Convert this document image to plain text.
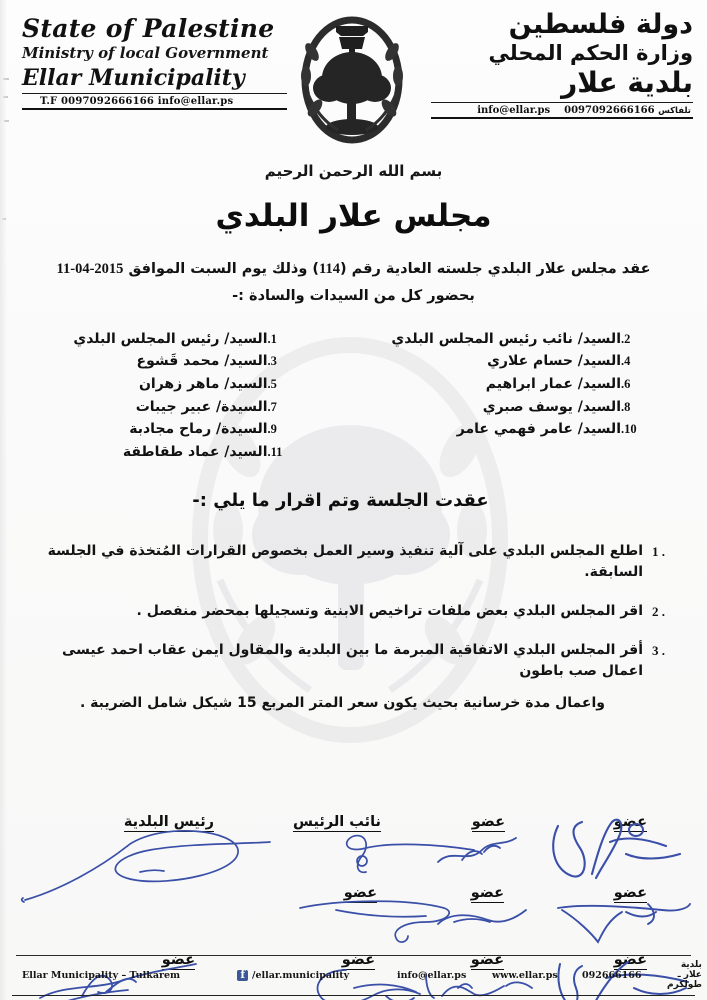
State of Palestine
Ministry of local Government
Ellar Municipality
T.F 0097092666166 info@ellar.ps
بلدية علار
دولة فلسطين
وزارة الحكم المحلي
بلدية علار
info@ellar.ps 0097092666166 تلفاكس
بسم الله الرحمن الرحيم
مجلس علار البلدي
عقد مجلس علار البلدي جلسته العادية رقم (114) وذلك يوم السبت الموافق 2015-04-11
بحضور كل من السيدات والسادة :-
.2
السيد/ نائب رئيس المجلس البلدي
.4
السيد/ حسام علاري
.6
السيد/ عمار ابراهيم
.8
السيد/ يوسف صبري
.10
السيد/ عامر فهمي عامر
.1
السيد/ رئيس المجلس البلدي
.3
السيد/ محمد قَشوع
.5
السيد/ ماهر زهران
.7
السيدة/ عبير جيبات
.9
السيدة/ رماح مجادبة
.11
السيد/ عماد طقاطقة
عقدت الجلسة وتم اقرار ما يلي :-
1 .
اطلع المجلس البلدي على آلية تنفيذ وسير العمل بخصوص القرارات المُتخذة في الجلسة السابقة.
2 .
اقر المجلس البلدي بعض ملفات تراخيص الابنية وتسجيلها بمحضر منفصل .
3 .
أقر المجلس البلدي الاتفاقية المبرمة ما بين البلدية والمقاول ايمن عقاب احمد عيسى اعمال صب باطون
واعمال مدة خرسانية بحيث يكون سعر المتر المربع 15 شيكل شامل الضريبة .
رئيس البلدية	نائب الرئيس	عضو	عضو
عضو	عضو	عضو
عضو	عضو	عضو	عضو
Ellar Municipality – Tulkarem f	/ellar.municipality	info@ellar.ps	www.ellar.ps	092666166
بلدية علار ـ طولكرم
